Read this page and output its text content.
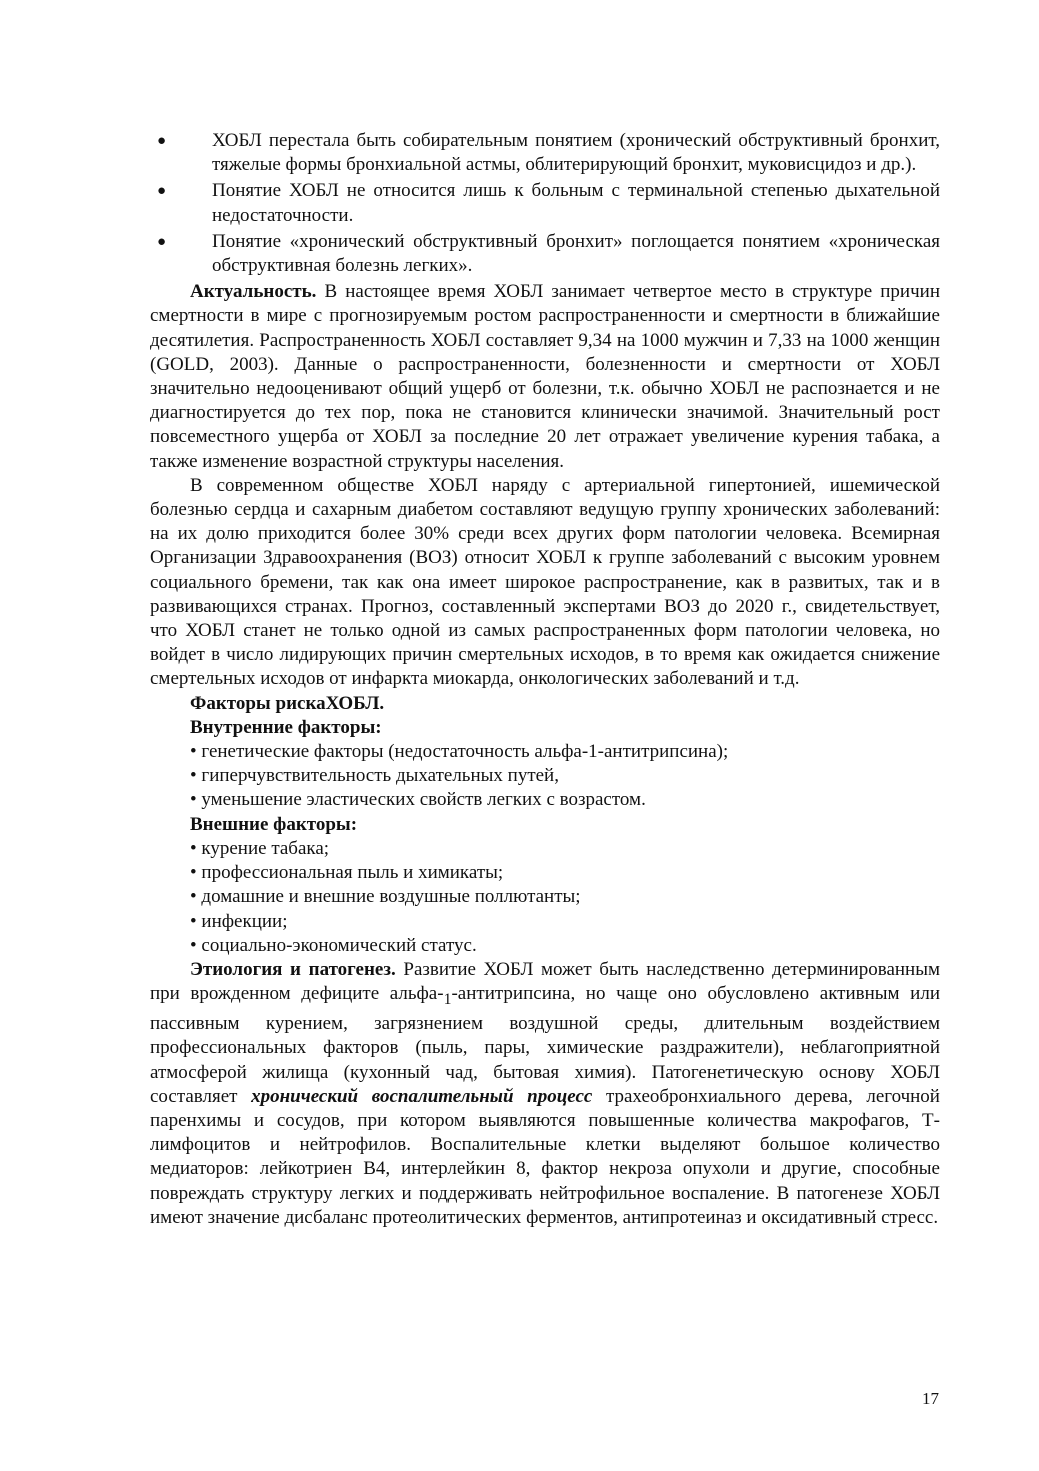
● ХОБЛ перестала быть собирательным понятием (хронический обструктивный бронхит, тяжелые формы бронхиальной астмы, облитерирующий бронхит, муковисцидоз и др.).
● Понятие ХОБЛ не относится лишь к больным с терминальной степенью дыхательной недостаточности.
● Понятие «хронический обструктивный бронхит» поглощается понятием «хроническая обструктивная болезнь легких».

Актуальность. В настоящее время ХОБЛ занимает четвертое место в структуре причин смертности в мире с прогнозируемым ростом распространенности и смертности в ближайшие десятилетия. Распространенность ХОБЛ составляет 9,34 на 1000 мужчин и 7,33 на 1000 женщин (GOLD, 2003). Данные о распространенности, болезненности и смертности от ХОБЛ значительно недооценивают общий ущерб от болезни, т.к. обычно ХОБЛ не распознается и не диагностируется до тех пор, пока не становится клинически значимой. Значительный рост повсеместного ущерба от ХОБЛ за последние 20 лет отражает увеличение курения табака, а также изменение возрастной структуры населения.

В современном обществе ХОБЛ наряду с артериальной гипертонией, ишемической болезнью сердца и сахарным диабетом составляют ведущую группу хронических заболеваний: на их долю приходится более 30% среди всех других форм патологии человека. Всемирная Организации Здравоохранения (ВОЗ) относит ХОБЛ к группе заболеваний с высоким уровнем социального бремени, так как она имеет широкое распространение, как в развитых, так и в развивающихся странах. Прогноз, составленный экспертами ВОЗ до 2020 г., свидетельствует, что ХОБЛ станет не только одной из самых распространенных форм патологии человека, но войдет в число лидирующих причин смертельных исходов, в то время как ожидается снижение смертельных исходов от инфаркта миокарда, онкологических заболеваний и т.д.

Факторы рискаХОБЛ.
Внутренние факторы:
• генетические факторы (недостаточность альфа-1-антитрипсина);
• гиперчувствительность дыхательных путей,
• уменьшение эластических свойств легких с возрастом.
Внешние факторы:
• курение табака;
• профессиональная пыль и химикаты;
• домашние и внешние воздушные поллютанты;
• инфекции;
• социально-экономический статус.

Этиология и патогенез. Развитие ХОБЛ может быть наследственно детерминированным при врожденном дефиците альфа-$_1$-антитрипсина, но чаще оно обусловлено активным или пассивным курением, загрязнением воздушной среды, длительным воздействием профессиональных факторов (пыль, пары, химические раздражители), неблагоприятной атмосферой жилища (кухонный чад, бытовая химия). Патогенетическую основу ХОБЛ составляет хронический воспалительный процесс трахеобронхиального дерева, легочной паренхимы и сосудов, при котором выявляются повышенные количества макрофагов, Т-лимфоцитов и нейтрофилов. Воспалительные клетки выделяют большое количество медиаторов: лейкотриен В4, интерлейкин 8, фактор некроза опухоли и другие, способные повреждать структуру легких и поддерживать нейтрофильное воспаление. В патогенезе ХОБЛ имеют значение дисбаланс протеолитических ферментов, антипротеиназ и оксидативный стресс.

17
